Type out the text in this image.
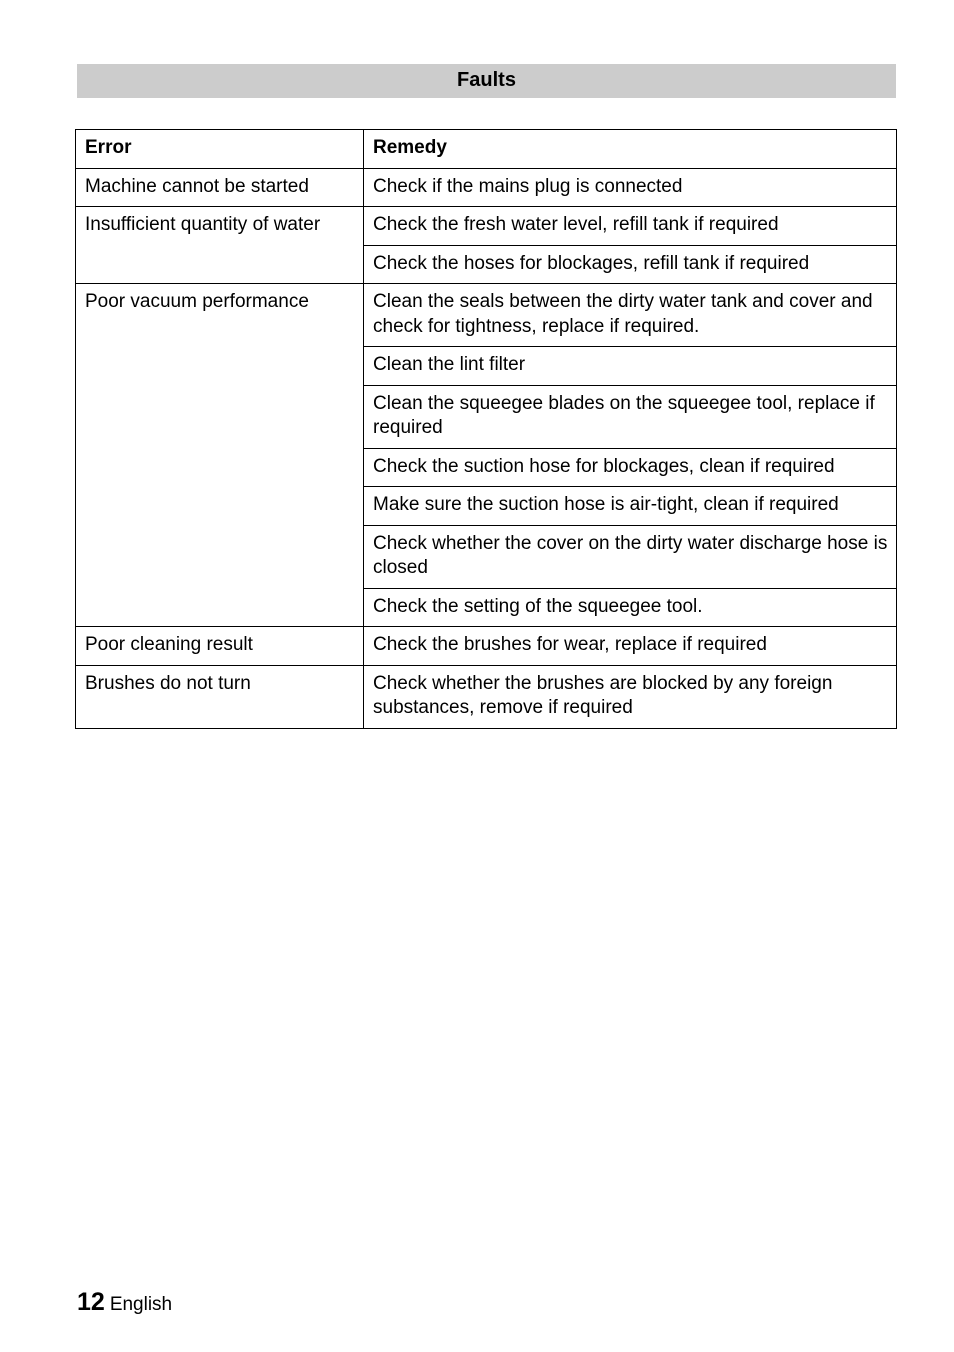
Faults
Error	Remedy
Machine cannot be started	Check if the mains plug is connected
Insufficient quantity of water	Check the fresh water level, refill tank if required
	Check the hoses for blockages, refill tank if required
Poor vacuum performance	Clean the seals between the dirty water tank and cover and check for tightness, replace if required.
	Clean the lint filter
	Clean the squeegee blades on the squeegee tool, replace if required
	Check the suction hose for blockages, clean if required
	Make sure the suction hose is air-tight, clean if required
	Check whether the cover on the dirty water discharge hose is closed
	Check the setting of the squeegee tool.
Poor cleaning result	Check the brushes for wear, replace if required
Brushes do not turn	Check whether the brushes are blocked by any foreign substances, remove if required
12 English
